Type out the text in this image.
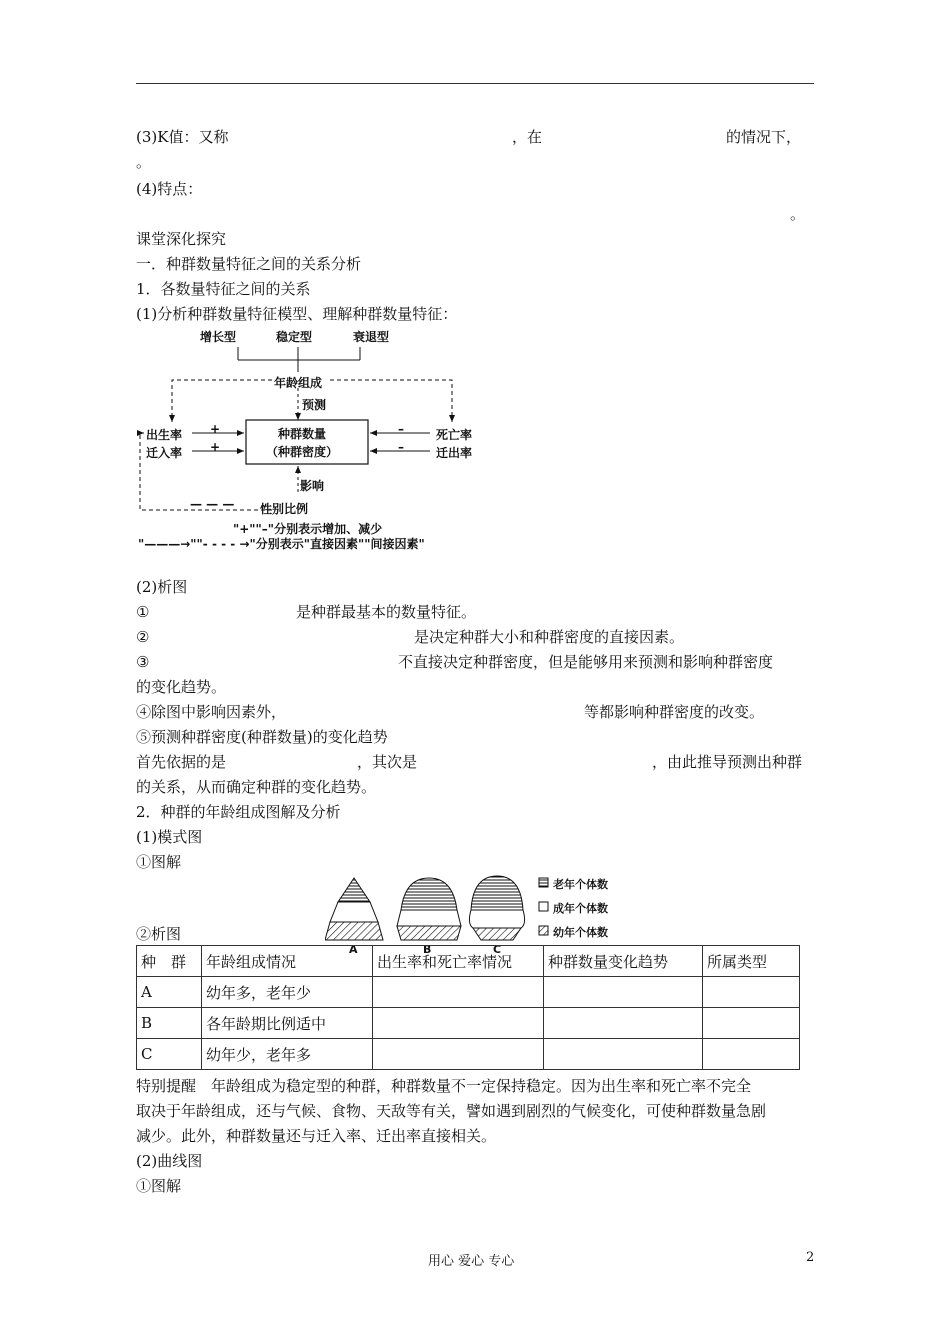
(3)K值：又称	，在	的情况下，
。
(4)特点：
。
课堂深化探究
一．种群数量特征之间的关系分析
1．各数量特征之间的关系
(1)分析种群数量特征模型、理解种群数量特征：
增长型	稳定型	衰退型
年龄组成
预测
出生率
迁入率
+
+
–
–
死亡率
迁出率
种群数量
（种群密度）
影响
性别比例
— — —
"+""–"分别表示增加、减少
"———→""- - - - →"分别表示"直接因素""间接因素"
(2)析图
①	是种群最基本的数量特征。
②	是决定种群大小和种群密度的直接因素。
③	不直接决定种群密度，但是能够用来预测和影响种群密度
的变化趋势。
④除图中影响因素外，	等都影响种群密度的改变。
⑤预测种群密度(种群数量)的变化趋势
首先依据的是	，其次是	，由此推导预测出种群
的关系，从而确定种群的变化趋势。
2．种群的年龄组成图解及分析
(1)模式图
①图解
A	B	C
老年个体数
成年个体数
幼年个体数
②析图
种　群	年龄组成情况	出生率和死亡率情况	种群数量变化趋势	所属类型
A	幼年多，老年少			
B	各年龄期比例适中			
C	幼年少，老年多			
特别提醒　年龄组成为稳定型的种群，种群数量不一定保持稳定。因为出生率和死亡率不完全
取决于年龄组成，还与气候、食物、天敌等有关，譬如遇到剧烈的气候变化，可使种群数量急剧
减少。此外，种群数量还与迁入率、迁出率直接相关。
(2)曲线图
①图解
用心 爱心 专心	2
